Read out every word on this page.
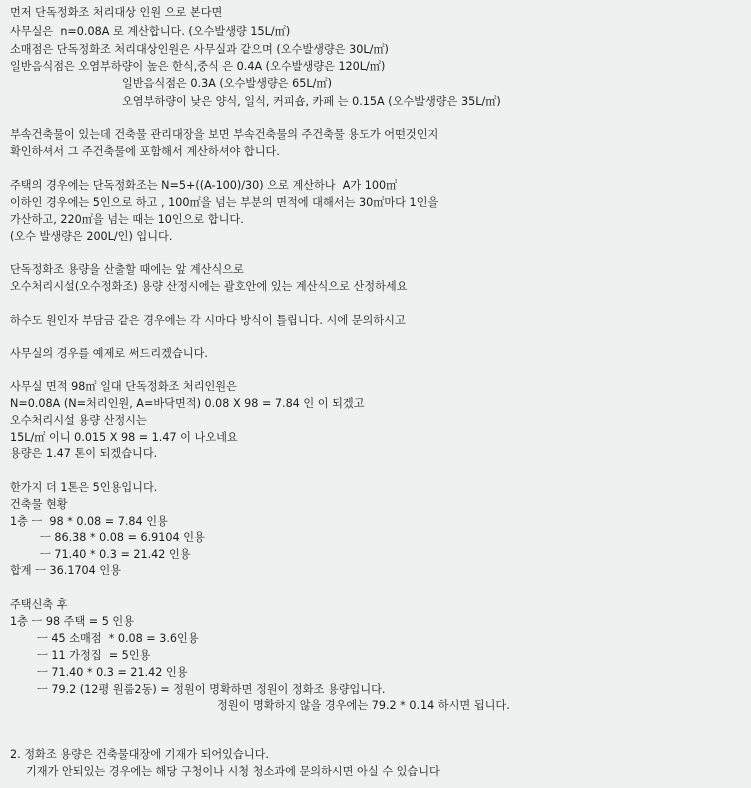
먼저 단독정화조 처리대상 인원 으로 본다면
사무실은  n=0.08A 로 계산합니다. (오수발생량 15L/㎡)
소매점은 단독정화조 처리대상인원은 사무실과 같으며 (오수발생량은 30L/㎡)
일반음식점은 오염부하량이 높은 한식,중식 은 0.4A (오수발생량은 120L/㎡)
일반음식점은 0.3A (오수발생량은 65L/㎡)
오염부하량이 낮은 양식, 일식, 커피숍, 카페 는 0.15A (오수발생량은 35L/㎡)
부속건축물이 있는데 건축물 관리대장을 보면 부속건축물의 주건축물 용도가 어떤것인지
확인하셔서 그 주건축물에 포함해서 계산하셔야 합니다.
주택의 경우에는 단독정화조는 N=5+((A-100)/30) 으로 계산하나  A가 100㎡
이하인 경우에는 5인으로 하고 , 100㎡을 넘는 부분의 면적에 대해서는 30㎡마다 1인을
가산하고, 220㎡을 넘는 때는 10인으로 합니다.
(오수 발생량은 200L/인) 입니다.
단독정화조 용량을 산출할 때에는 앞 계산식으로
오수처리시설(오수정화조) 용량 산정시에는 괄호안에 있는 계산식으로 산정하세요
하수도 원인자 부담금 같은 경우에는 각 시마다 방식이 틀립니다. 시에 문의하시고
사무실의 경우를 예제로 써드리겠습니다.
사무실 면적 98㎡ 일대 단독정화조 처리인원은
N=0.08A (N=처리인원, A=바닥면적) 0.08 X 98 = 7.84 인 이 되겠고
오수처리시설 용량 산정시는
15L/㎡ 이니 0.015 X 98 = 1.47 이 나오네요
용량은 1.47 톤이 되겠습니다.
한가지 더 1톤은 5인용입니다.
건축물 현황
1층 ㅡ  98 * 0.08 = 7.84 인용
ㅡ 86.38 * 0.08 = 6.9104 인용
ㅡ 71.40 * 0.3 = 21.42 인용
합계 ㅡ 36.1704 인용
주택신축 후
1층 ㅡ 98 주택 = 5 인용
ㅡ 45 소매점  * 0.08 = 3.6인용
ㅡ 11 가정집  = 5인용
ㅡ 71.40 * 0.3 = 21.42 인용
ㅡ 79.2 (12평 원룸2동) = 정원이 명확하면 정원이 정화조 용량입니다.
정원이 명확하지 않을 경우에는 79.2 * 0.14 하시면 됩니다.
2. 정화조 용량은 건축물대장에 기재가 되어있습니다.
기재가 안되있는 경우에는 해당 구청이나 시청 청소과에 문의하시면 아실 수 있습니다
